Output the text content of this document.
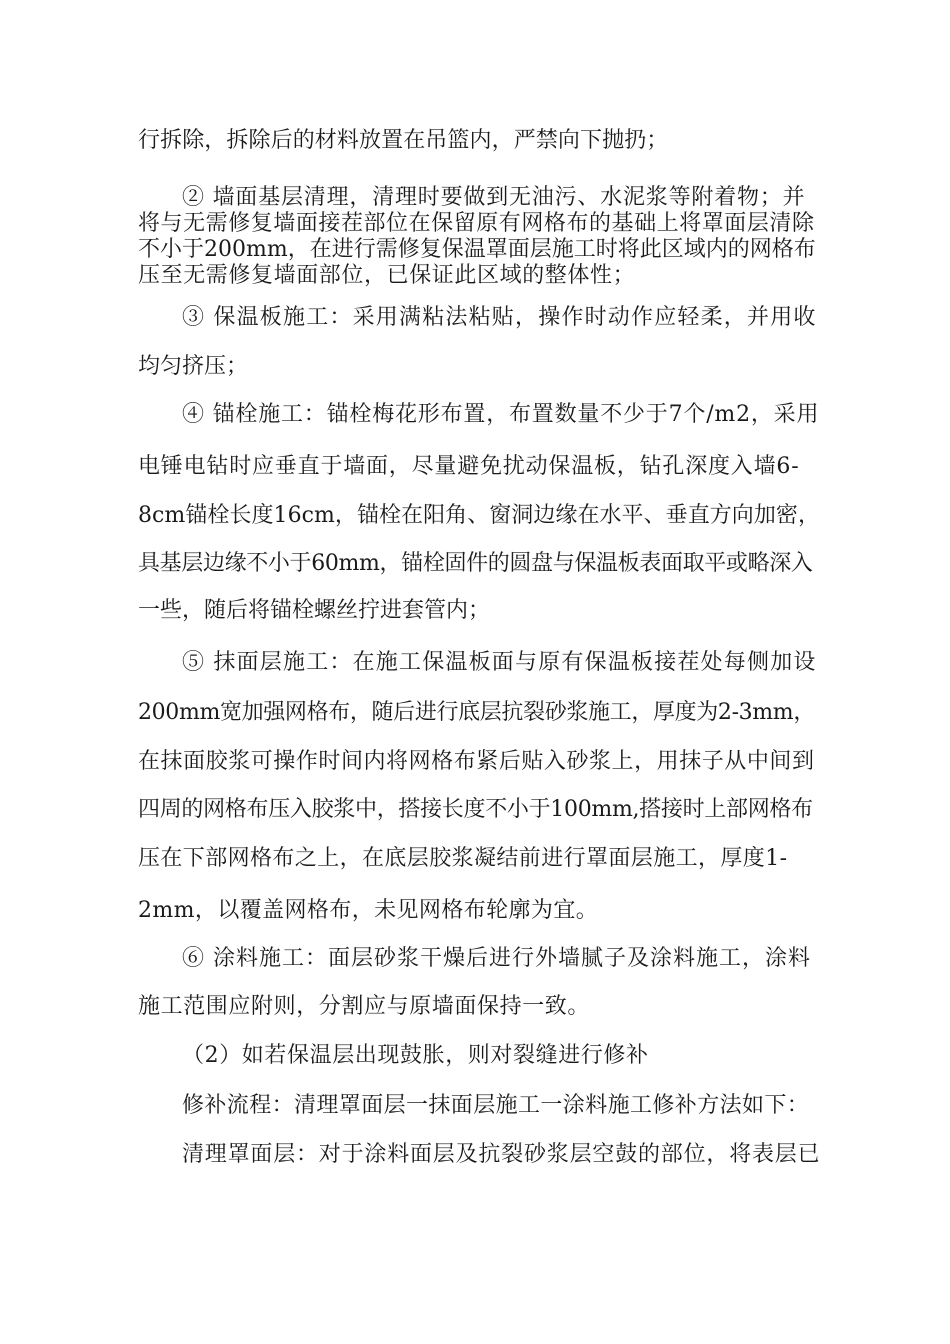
行拆除，拆除后的材料放置在吊篮内，严禁向下抛扔；
② 墙面基层清理，清理时要做到无油污、水泥浆等附着物；并
将与无需修复墙面接茬部位在保留原有网格布的基础上将罩面层清除
不小于200mm，在进行需修复保温罩面层施工时将此区域内的网格布
压至无需修复墙面部位，已保证此区域的整体性；
③ 保温板施工：采用满粘法粘贴，操作时动作应轻柔，并用收
均匀挤压；
④ 锚栓施工：锚栓梅花形布置，布置数量不少于7个/m2，采用
电锤电钻时应垂直于墙面，尽量避免扰动保温板，钻孔深度入墙6-
8cm锚栓长度16cm，锚栓在阳角、窗洞边缘在水平、垂直方向加密，
具基层边缘不小于60mm，锚栓固件的圆盘与保温板表面取平或略深入
一些，随后将锚栓螺丝拧进套管内；
⑤ 抹面层施工：在施工保温板面与原有保温板接茬处每侧加设
200mm宽加强网格布，随后进行底层抗裂砂浆施工，厚度为2-3mm，
在抹面胶浆可操作时间内将网格布紧后贴入砂浆上，用抹子从中间到
四周的网格布压入胶浆中，搭接长度不小于100mm,搭接时上部网格布
压在下部网格布之上，在底层胶浆凝结前进行罩面层施工，厚度1-
2mm，以覆盖网格布，未见网格布轮廓为宜。
⑥ 涂料施工：面层砂浆干燥后进行外墙腻子及涂料施工，涂料
施工范围应附则，分割应与原墙面保持一致。
（2）如若保温层出现鼓胀，则对裂缝进行修补
修补流程：清理罩面层一抹面层施工一涂料施工修补方法如下：
清理罩面层：对于涂料面层及抗裂砂浆层空鼓的部位，将表层已
